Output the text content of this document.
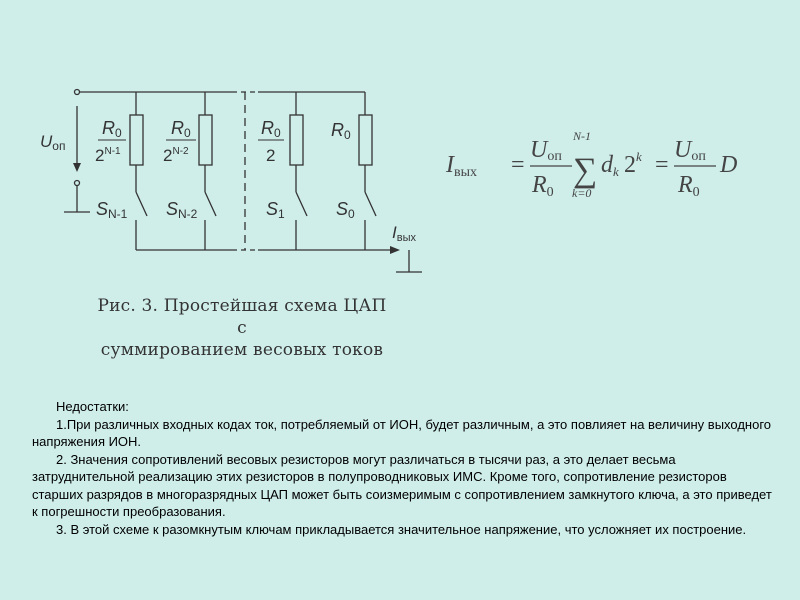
Uоп
R0
$2^{N-1}$
R0
$2^{N-2}$
R0
2
R0
SN-1 SN-2	S1	S0
Iвых
Iвых =
Uоп
R0
N-1
∑
k=0
dk $2^k$ =
Uоп
R0
D
Рис. 3. Простейшая схема ЦАП с
суммированием весовых токов
Недостатки:

1.При различных входных кодах ток, потребляемый от ИОН, будет различным, а это повлияет на величину выходного напряжения ИОН.

2. Значения сопротивлений весовых резисторов могут различаться в тысячи раз, а это делает весьма затруднительной реализацию этих резисторов в полупроводниковых ИМС. Кроме того, сопротивление резисторов старших разрядов в многоразрядных ЦАП может быть соизмеримым с сопротивлением замкнутого ключа, а это приведет к погрешности преобразования.

3. В этой схеме к разомкнутым ключам прикладывается значительное напряжение, что усложняет их построение.
